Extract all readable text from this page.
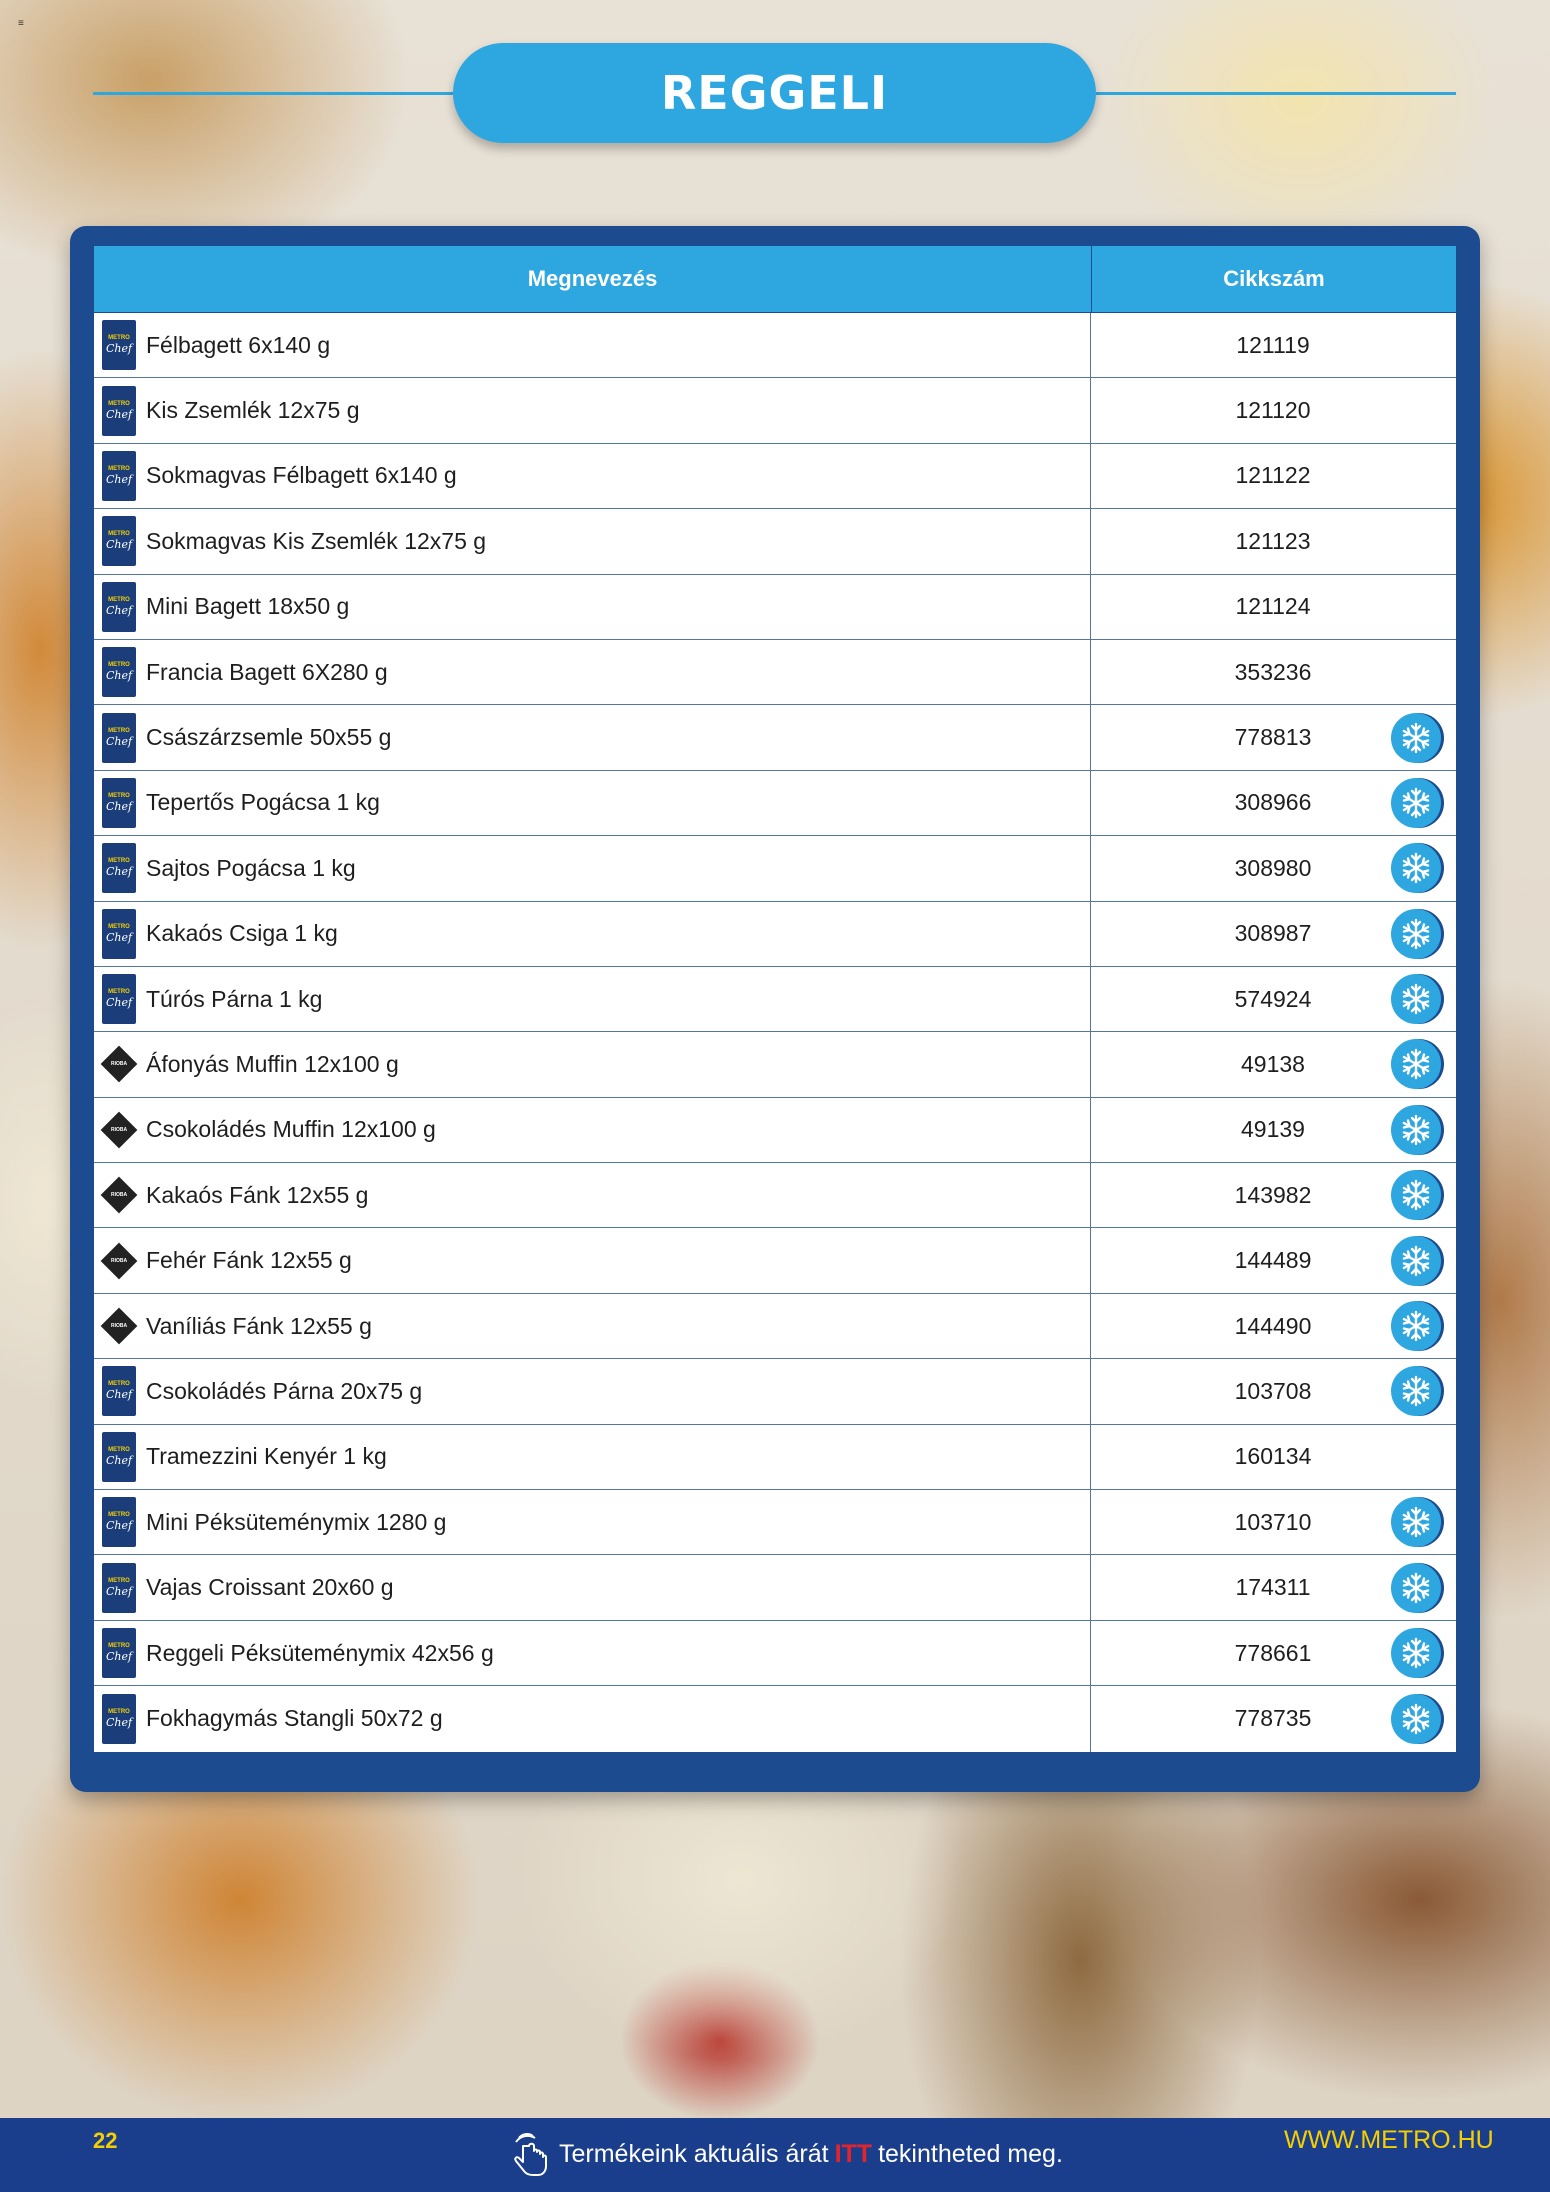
≡
REGGELI
Megnevezés	Cikkszám
METRO
Chef Félbagett 6x140 g	121119
METRO
Chef Kis Zsemlék 12x75 g	121120
METRO
Chef Sokmagvas Félbagett 6x140 g	121122
METRO
Chef Sokmagvas Kis Zsemlék 12x75 g	121123
METRO
Chef Mini Bagett 18x50 g	121124
METRO
Chef Francia Bagett 6X280 g	353236
METRO
Chef Császárzsemle 50x55 g	778813
METRO
Chef Tepertős Pogácsa 1 kg	308966
METRO
Chef Sajtos Pogácsa 1 kg	308980
METRO
Chef Kakaós Csiga 1 kg	308987
METRO
Chef Túrós Párna 1 kg	574924
RIOBA Áfonyás Muffin 12x100 g	49138
RIOBA Csokoládés Muffin 12x100 g	49139
RIOBA Kakaós Fánk 12x55 g	143982
RIOBA Fehér Fánk 12x55 g	144489
RIOBA Vaníliás Fánk 12x55 g	144490
METRO
Chef Csokoládés Párna 20x75 g	103708
METRO
Chef Tramezzini Kenyér 1 kg	160134
METRO
Chef Mini Péksüteménymix 1280 g	103710
METRO
Chef Vajas Croissant 20x60 g	174311
METRO
Chef Reggeli Péksüteménymix 42x56 g	778661
METRO
Chef Fokhagymás Stangli 50x72 g	778735
22	Termékeink aktuális árát ITT tekintheted meg.	WWW.METRO.HU
